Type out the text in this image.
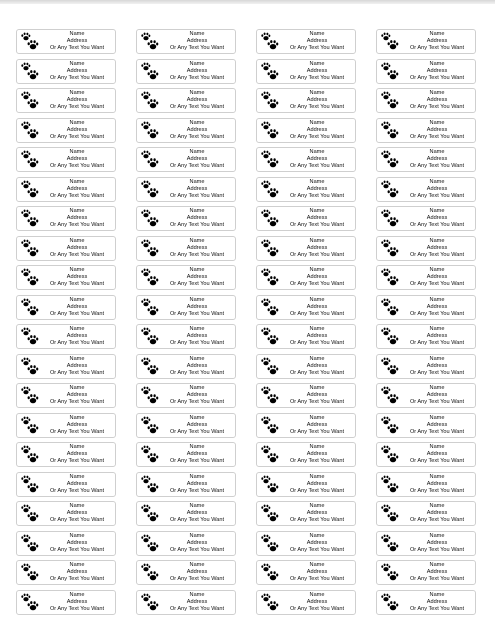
Name
Address
Or Any Text You Want
Name
Address
Or Any Text You Want
Name
Address
Or Any Text You Want
Name
Address
Or Any Text You Want
Name
Address
Or Any Text You Want
Name
Address
Or Any Text You Want
Name
Address
Or Any Text You Want
Name
Address
Or Any Text You Want
Name
Address
Or Any Text You Want
Name
Address
Or Any Text You Want
Name
Address
Or Any Text You Want
Name
Address
Or Any Text You Want
Name
Address
Or Any Text You Want
Name
Address
Or Any Text You Want
Name
Address
Or Any Text You Want
Name
Address
Or Any Text You Want
Name
Address
Or Any Text You Want
Name
Address
Or Any Text You Want
Name
Address
Or Any Text You Want
Name
Address
Or Any Text You Want
Name
Address
Or Any Text You Want
Name
Address
Or Any Text You Want
Name
Address
Or Any Text You Want
Name
Address
Or Any Text You Want
Name
Address
Or Any Text You Want
Name
Address
Or Any Text You Want
Name
Address
Or Any Text You Want
Name
Address
Or Any Text You Want
Name
Address
Or Any Text You Want
Name
Address
Or Any Text You Want
Name
Address
Or Any Text You Want
Name
Address
Or Any Text You Want
Name
Address
Or Any Text You Want
Name
Address
Or Any Text You Want
Name
Address
Or Any Text You Want
Name
Address
Or Any Text You Want
Name
Address
Or Any Text You Want
Name
Address
Or Any Text You Want
Name
Address
Or Any Text You Want
Name
Address
Or Any Text You Want
Name
Address
Or Any Text You Want
Name
Address
Or Any Text You Want
Name
Address
Or Any Text You Want
Name
Address
Or Any Text You Want
Name
Address
Or Any Text You Want
Name
Address
Or Any Text You Want
Name
Address
Or Any Text You Want
Name
Address
Or Any Text You Want
Name
Address
Or Any Text You Want
Name
Address
Or Any Text You Want
Name
Address
Or Any Text You Want
Name
Address
Or Any Text You Want
Name
Address
Or Any Text You Want
Name
Address
Or Any Text You Want
Name
Address
Or Any Text You Want
Name
Address
Or Any Text You Want
Name
Address
Or Any Text You Want
Name
Address
Or Any Text You Want
Name
Address
Or Any Text You Want
Name
Address
Or Any Text You Want
Name
Address
Or Any Text You Want
Name
Address
Or Any Text You Want
Name
Address
Or Any Text You Want
Name
Address
Or Any Text You Want
Name
Address
Or Any Text You Want
Name
Address
Or Any Text You Want
Name
Address
Or Any Text You Want
Name
Address
Or Any Text You Want
Name
Address
Or Any Text You Want
Name
Address
Or Any Text You Want
Name
Address
Or Any Text You Want
Name
Address
Or Any Text You Want
Name
Address
Or Any Text You Want
Name
Address
Or Any Text You Want
Name
Address
Or Any Text You Want
Name
Address
Or Any Text You Want
Name
Address
Or Any Text You Want
Name
Address
Or Any Text You Want
Name
Address
Or Any Text You Want
Name
Address
Or Any Text You Want
